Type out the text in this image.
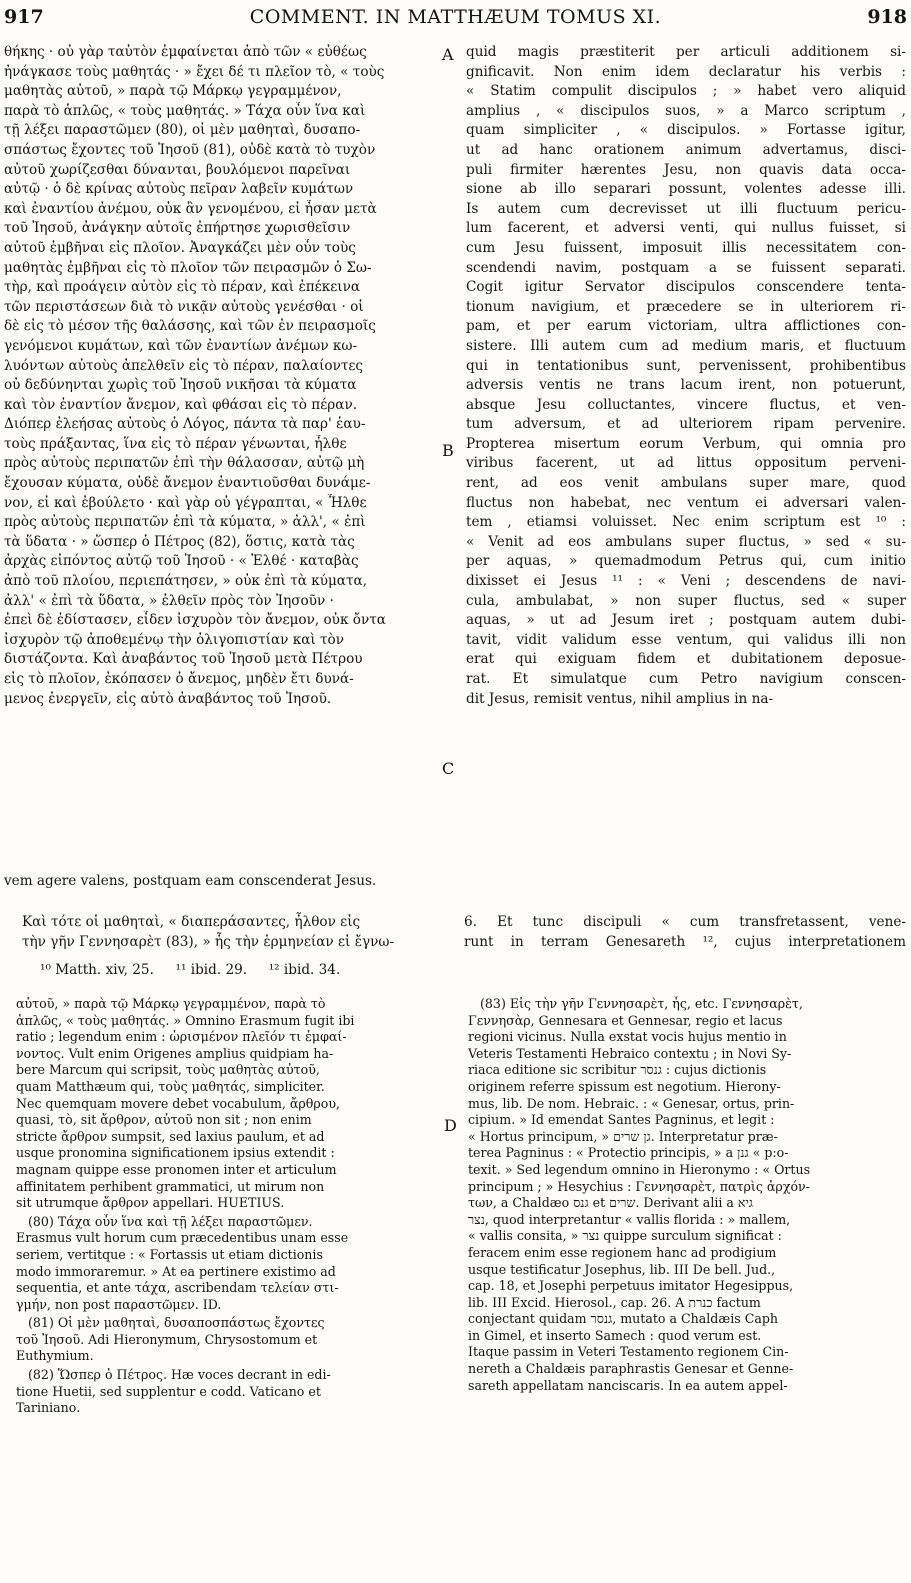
917	COMMENT. IN MATTHÆUM TOMUS XI.	918
A
B
C
D
θήκης · οὐ γὰρ ταὐτὸν ἐμφαίνεται ἀπὸ τῶν « εὐθέως
ἠνάγκασε τοὺς μαθητάς · » ἔχει δέ τι πλεῖον τὸ, « τοὺς
μαθητὰς αὐτοῦ, » παρὰ τῷ Μάρκῳ γεγραμμένον,
παρὰ τὸ ἁπλῶς, « τοὺς μαθητάς. » Τάχα οὖν ἵνα καὶ
τῇ λέξει παραστῶμεν (80), οἱ μὲν μαθηταὶ, δυσαπο-
σπάστως ἔχοντες τοῦ Ἰησοῦ (81), οὐδὲ κατὰ τὸ τυχὸν
αὐτοῦ χωρίζεσθαι δύνανται, βουλόμενοι παρεῖναι
αὐτῷ · ὁ δὲ κρίνας αὐτοὺς πεῖραν λαβεῖν κυμάτων
καὶ ἐναντίου ἀνέμου, οὐκ ἂν γενομένου, εἰ ἦσαν μετὰ
τοῦ Ἰησοῦ, ἀνάγκην αὐτοῖς ἐπήρτησε χωρισθεῖσιν
αὐτοῦ ἐμβῆναι εἰς πλοῖον. Ἀναγκάζει μὲν οὖν τοὺς
μαθητὰς ἐμβῆναι εἰς τὸ πλοῖον τῶν πειρασμῶν ὁ Σω-
τὴρ, καὶ προάγειν αὐτὸν εἰς τὸ πέραν, καὶ ἐπέκεινα
τῶν περιστάσεων διὰ τὸ νικᾷν αὐτοὺς γενέσθαι · οἱ
δὲ εἰς τὸ μέσον τῆς θαλάσσης, καὶ τῶν ἐν πειρασμοῖς
γενόμενοι κυμάτων, καὶ τῶν ἐναντίων ἀνέμων κω-
λυόντων αὐτοὺς ἀπελθεῖν εἰς τὸ πέραν, παλαίοντες
οὐ δεδύνηνται χωρὶς τοῦ Ἰησοῦ νικῆσαι τὰ κύματα
καὶ τὸν ἐναντίον ἄνεμον, καὶ φθάσαι εἰς τὸ πέραν.
Διόπερ ἐλεήσας αὐτοὺς ὁ Λόγος, πάντα τὰ παρ' ἑαυ-
τοὺς πράξαντας, ἵνα εἰς τὸ πέραν γένωνται, ἦλθε
πρὸς αὐτοὺς περιπατῶν ἐπὶ τὴν θάλασσαν, αὐτῷ μὴ
ἔχουσαν κύματα, οὐδὲ ἄνεμον ἐναντιοῦσθαι δυνάμε-
νον, εἰ καὶ ἐβούλετο · καὶ γὰρ οὐ γέγραπται, « Ἦλθε
πρὸς αὐτοὺς περιπατῶν ἐπὶ τὰ κύματα, » ἀλλ', « ἐπὶ
τὰ ὕδατα · » ὥσπερ ὁ Πέτρος (82), ὅστις, κατὰ τὰς
ἀρχὰς εἰπόντος αὐτῷ τοῦ Ἰησοῦ · « Ἐλθέ · καταβὰς
ἀπὸ τοῦ πλοίου, περιεπάτησεν, » οὐκ ἐπὶ τὰ κύματα,
ἀλλ' « ἐπὶ τὰ ὕδατα, » ἐλθεῖν πρὸς τὸν Ἰησοῦν ·
ἐπεὶ δὲ ἐδίστασεν, εἶδεν ἰσχυρὸν τὸν ἄνεμον, οὐκ ὄντα
ἰσχυρὸν τῷ ἀποθεμένῳ τὴν ὀλιγοπιστίαν καὶ τὸν
διστάζοντα. Καὶ ἀναβάντος τοῦ Ἰησοῦ μετὰ Πέτρου
εἰς τὸ πλοῖον, ἐκόπασεν ὁ ἄνεμος, μηδὲν ἔτι δυνά-
μενος ἐνεργεῖν, εἰς αὐτὸ ἀναβάντος τοῦ Ἰησοῦ.
quid magis præstiterit per articuli additionem si-
gnificavit. Non enim idem declaratur his verbis :
« Statim compulit discipulos ; » habet vero aliquid
amplius , « discipulos suos, » a Marco scriptum ,
quam simpliciter , « discipulos. » Fortasse igitur,
ut ad hanc orationem animum advertamus, disci-
puli firmiter hærentes Jesu, non quavis data occa-
sione ab illo separari possunt, volentes adesse illi.
Is autem cum decrevisset ut illi fluctuum pericu-
lum facerent, et adversi venti, qui nullus fuisset, si
cum Jesu fuissent, imposuit illis necessitatem con-
scendendi navim, postquam a se fuissent separati.
Cogit igitur Servator discipulos conscendere tenta-
tionum navigium, et præcedere se in ulteriorem ri-
pam, et per earum victoriam, ultra afflictiones con-
sistere. Illi autem cum ad medium maris, et fluctuum
qui in tentationibus sunt, pervenissent, prohibentibus
adversis ventis ne trans lacum irent, non potuerunt,
absque Jesu colluctantes, vincere fluctus, et ven-
tum adversum, et ad ulteriorem ripam pervenire.
Propterea misertum eorum Verbum, qui omnia pro
viribus facerent, ut ad littus oppositum perveni-
rent, ad eos venit ambulans super mare, quod
fluctus non habebat, nec ventum ei adversari valen-
tem , etiamsi voluisset. Nec enim scriptum est ¹⁰ :
« Venit ad eos ambulans super fluctus, » sed « su-
per aquas, » quemadmodum Petrus qui, cum initio
dixisset ei Jesus ¹¹ : « Veni ; descendens de navi-
cula, ambulabat, » non super fluctus, sed « super
aquas, » ut ad Jesum iret ; postquam autem dubi-
tavit, vidit validum esse ventum, qui validus illi non
erat qui exiguam fidem et dubitationem deposue-
rat. Et simulatque cum Petro navigium conscen-
dit Jesus, remisit ventus, nihil amplius in na-
vem agere valens, postquam eam conscenderat Jesus.
Καὶ τότε οἱ μαθηταὶ, « διαπεράσαντες, ἦλθον εἰς
τὴν γῆν Γεννησαρὲτ (83), » ἧς τὴν ἑρμηνείαν εἰ ἔγνω-
6. Et tunc discipuli « cum transfretassent, vene-
runt in terram Genesareth ¹², cujus interpretationem
¹⁰ Matth. xiv, 25.     ¹¹ ibid. 29.     ¹² ibid. 34.
αὐτοῦ, » παρὰ τῷ Μάρκῳ γεγραμμένον, παρὰ τὸ
ἁπλῶς, « τοὺς μαθητάς. » Omnino Erasmum fugit ibi
ratio ; legendum enim : ὡρισμένον πλεῖόν τι ἐμφαί-
νοντος. Vult enim Origenes amplius quidpiam ha-
bere Marcum qui scripsit, τοὺς μαθητὰς αὐτοῦ,
quam Matthæum qui, τοὺς μαθητάς, simpliciter.
Nec quemquam movere debet vocabulum, ἄρθρου,
quasi, τὸ, sit ἄρθρον, αὐτοῦ non sit ; non enim
stricte ἄρθρον sumpsit, sed laxius paulum, et ad
usque pronomina significationem ipsius extendit :
magnam quippe esse pronomen inter et articulum
affinitatem perhibent grammatici, ut mirum non
sit utrumque ἄρθρον appellari. HUETIUS.
(80) Τάχα οὖν ἵνα καὶ τῇ λέξει παραστῶμεν.
Erasmus vult horum cum præcedentibus unam esse
seriem, vertitque : « Fortassis ut etiam dictionis
modo immoraremur. » At ea pertinere existimo ad
sequentia, et ante τάχα, ascribendam τελείαν στι-
γμήν, non post παραστῶμεν. ID.
(81) Οἱ μὲν μαθηταὶ, δυσαποσπάστως ἔχοντες
τοῦ Ἰησοῦ. Adi Hieronymum, Chrysostomum et
Euthymium.
(82) Ὥσπερ ὁ Πέτρος. Hæ voces decrant in edi-
tione Huetii, sed supplentur e codd. Vaticano et
Tarinianο.
(83) Εἰς τὴν γῆν Γεννησαρὲτ, ἧς, etc. Γεννησαρὲτ,
Γεννησὰρ, Gennesara et Gennesar, regio et lacus
regioni vicinus. Nulla exstat vocis hujus mentio in
Veteris Testamenti Hebraico contextu ; in Novi Sy-
riaca editione sic scribitur גנסר : cujus dictionis
originem referre spissum est negotium. Hierony-
mus, lib. De nom. Hebraic. : « Genesar, ortus, prin-
cipium. » Id emendat Santes Pagninus, et legit :
« Hortus principum, » גן שרים. Interpretatur præ-
terea Pagninus : « Protectio principis, » a גנן « p:o-
texit. » Sed legendum omnino in Hieronymo : « Ortus
principum ; » Hesychius : Γεννησαρὲτ, πατρὶς ἀρχόν-
των, a Chaldæo גנס et שרים. Derivant alii a גיא
נצר, quod interpretantur « vallis florida : » mallem,
« vallis consita, » נצר quippe surculum significat :
feracem enim esse regionem hanc ad prodigium
usque testificatur Josephus, lib. III De bell. Jud.,
cap. 18, et Josephi perpetuus imitator Hegesippus,
lib. III Excid. Hierosol., cap. 26. A כנרת factum
conjectant quidam גנסר, mutato a Chaldæis Caph
in Gimel, et inserto Samech : quod verum est.
Itaque passim in Veteri Testamento regionem Cin-
nereth a Chaldæis paraphrastis Genesar et Genne-
sareth appellatam nanciscaris. In ea autem appel-
